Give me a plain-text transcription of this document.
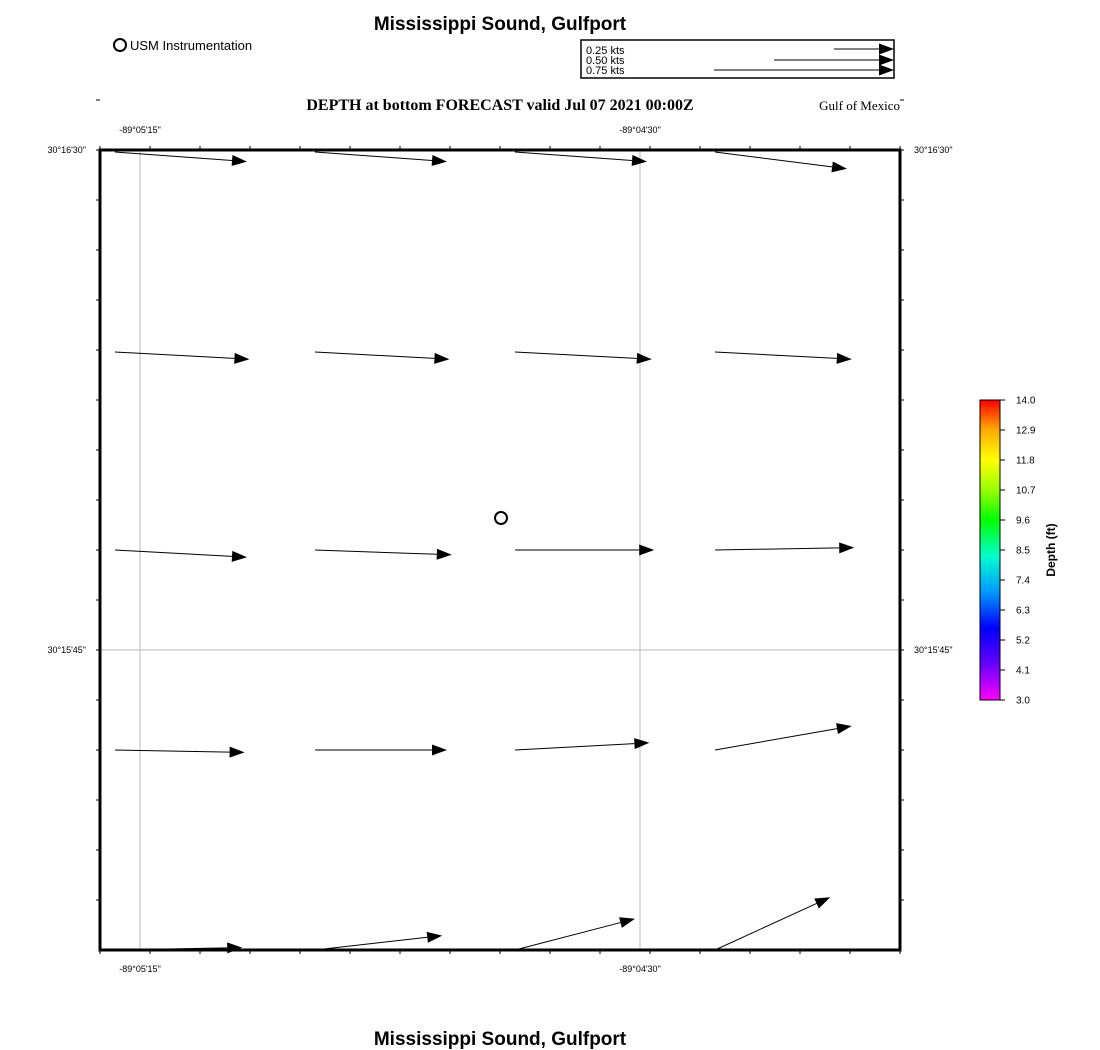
Mississippi Sound, Gulfport
USM Instrumentation	0.25 kts
0.50 kts
0.75 kts
DEPTH at bottom FORECAST valid Jul 07 2021 00:00Z	Gulf of Mexico
-89°05'15"	-89°04'30"
-89°05'15"	-89°04'30"
30°16'30"
30°15'45"
30°16'30"
30°15'45"
14.0
12.9
11.8
10.7
9.6
8.5
7.4
6.3
5.2
4.1
3.0
Depth (ft)
Mississippi Sound, Gulfport
